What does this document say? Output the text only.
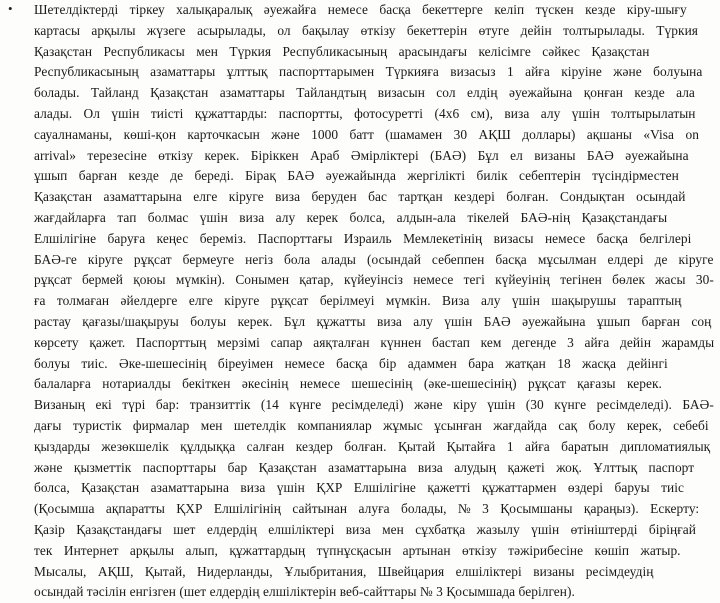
• Шетелдіктерді тіркеу халықаралық әуежайға немесе басқа бекеттерге келіп түскен кезде кіру-шығу
картасы арқылы жүзеге асырылады, ол бақылау өткізу бекеттерін өтуге дейін толтырылады. Түркия
Қазақстан Республикасы мен Түркия Республикасының арасындағы келісімге сәйкес Қазақстан
Республикасының азаматтары ұлттық паспорттарымен Түркияға визасыз 1 айға кіруіне және болуына
болады. Тайланд Қазақстан азаматтары Тайландтың визасын сол елдің әуежайына қонған кезде ала
алады. Ол үшін тиісті құжаттарды: паспортты, фотосуретті (4х6 см), виза алу үшін толтырылатын
сауалнаманы, көші-қон карточкасын және 1000 батт (шамамен 30 АҚШ доллары) ақшаны «Visa on
arrival» терезесіне өткізу керек. Біріккен Араб Әмірліктері (БАӘ) Бұл ел визаны БАӘ әуежайына
ұшып барған кезде де береді. Бірақ БАӘ әуежайында жергілікті билік себептерін түсіндірместен
Қазақстан азаматтарына елге кіруге виза беруден бас тартқан кездері болған. Сондықтан осындай
жағдайларға тап болмас үшін виза алу керек болса, алдын-ала тікелей БАӘ-нің Қазақстандағы
Елшілігіне баруға кеңес береміз. Паспорттағы Израиль Мемлекетінің визасы немесе басқа белгілері
БАӘ-ге кіруге рұқсат бермеуге негіз бола алады (осындай себеппен басқа мұсылман елдері де кіруге
рұқсат бермей қоюы мүмкін). Сонымен қатар, күйеуінсіз немесе тегі күйеуінің тегінен бөлек жасы 30-
ға толмаған әйелдерге елге кіруге рұқсат берілмеуі мүмкін. Виза алу үшін шақырушы тараптың
растау қағазы/шақыруы болуы керек. Бұл құжатты виза алу үшін БАӘ әуежайына ұшып барған соң
көрсету қажет. Паспорттың мерзімі сапар аяқталған күннен бастап кем дегенде 3 айға дейін жарамды
болуы тиіс. Әке-шешесінің біреуімен немесе басқа бір адаммен бара жатқан 18 жасқа дейінгі
балаларға нотариалды бекіткен әкесінің немесе шешесінің (әке-шешесінің) рұқсат қағазы керек.
Визаның екі түрі бар: транзиттік (14 күнге ресімделеді) және кіру үшін (30 күнге ресімделеді). БАӘ-
дағы туристік фирмалар мен шетелдік компаниялар жұмыс ұсынған жағдайда сақ болу керек, себебі
қыздарды жезөкшелік құлдыққа салған кездер болған. Қытай Қытайға 1 айға баратын дипломатиялық
және қызметтік паспорттары бар Қазақстан азаматтарына виза алудың қажеті жоқ. Ұлттық паспорт
болса, Қазақстан азаматтарына виза үшін ҚХР Елшілігіне қажетті құжаттармен өздері баруы тиіс
(Қосымша ақпаратты ҚХР Елшілігінің сайтынан алуға болады, № 3 Қосымшаны қараңыз). Ескерту:
Қазір Қазақстандағы шет елдердің елшіліктері виза мен сұхбатқа жазылу үшін өтініштерді біріңғай
тек Интернет арқылы алып, құжаттардың түпнұсқасын артынан өткізу тәжірибесіне көшіп жатыр.
Мысалы, АҚШ, Қытай, Нидерланды, Ұлыбритания, Швейцария елшіліктері визаны ресімдеудің
осындай тәсілін енгізген (шет елдердің елшіліктерін веб-сайттары № 3 Қосымшада берілген).
